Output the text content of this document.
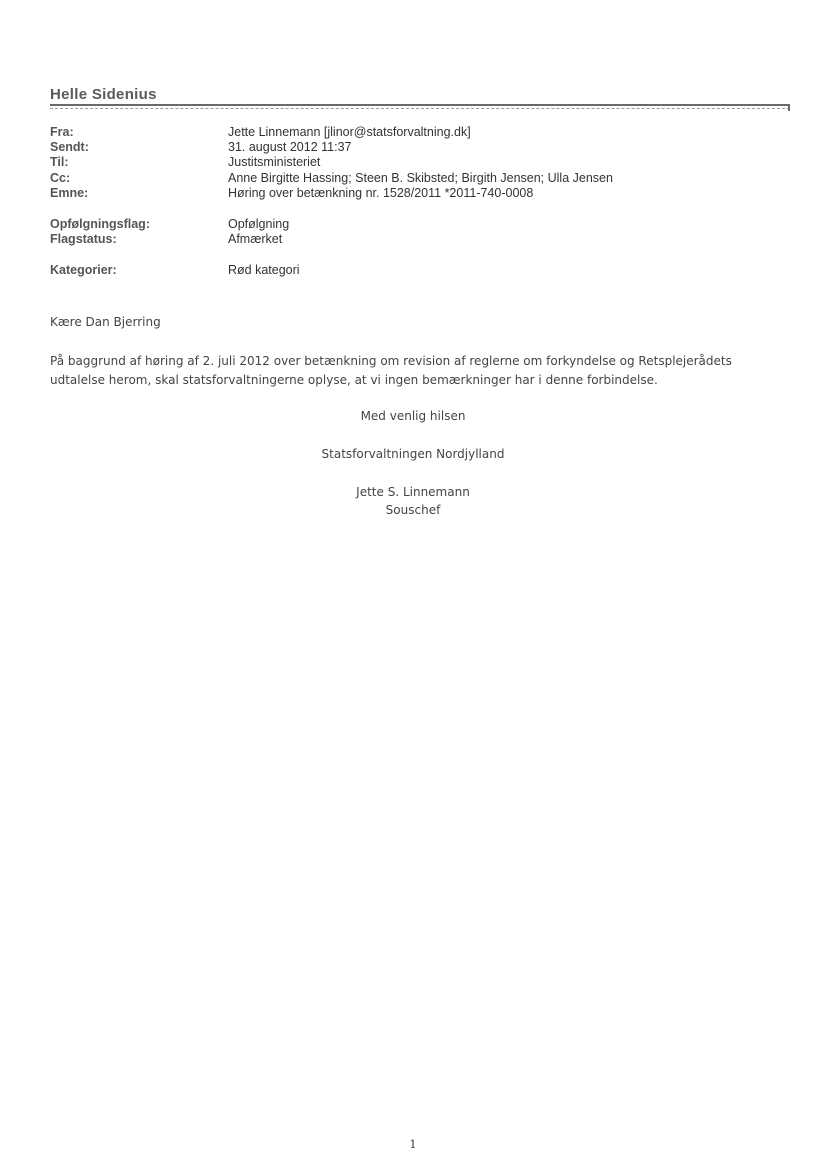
Helle Sidenius
Fra:	Jette Linnemann [jlinor@statsforvaltning.dk]
Sendt:	31. august 2012 11:37
Til:	Justitsministeriet
Cc:	Anne Birgitte Hassing; Steen B. Skibsted; Birgith Jensen; Ulla Jensen
Emne:	Høring over betænkning nr. 1528/2011 *2011-740-0008
Opfølgningsflag:	Opfølgning
Flagstatus:	Afmærket
Kategorier:	Rød kategori
Kære Dan Bjerring
På baggrund af høring af 2. juli 2012 over betænkning om revision af reglerne om forkyndelse og Retsplejerådets
udtalelse herom, skal statsforvaltningerne oplyse, at vi ingen bemærkninger har i denne forbindelse.
Med venlig hilsen
Statsforvaltningen Nordjylland
Jette S. Linnemann
Souschef
1
